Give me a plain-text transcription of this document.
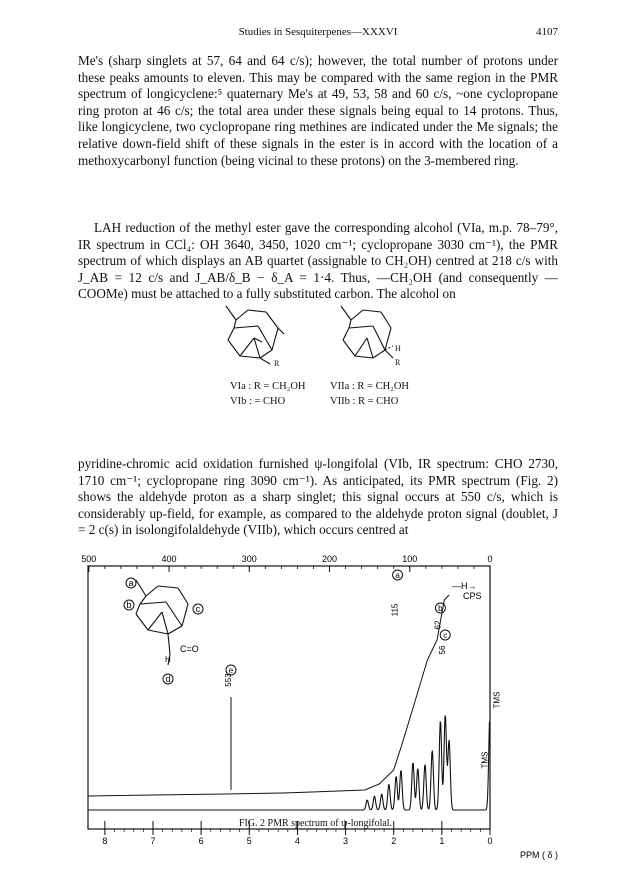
Studies in Sesquiterpenes—XXXVI	4107

Me's (sharp singlets at 57, 64 and 64 c/s); however, the total number of protons under these peaks amounts to eleven. This may be compared with the same region in the PMR spectrum of longicyclene:⁵ quaternary Me's at 49, 53, 58 and 60 c/s, ~one cyclopropane ring proton at 46 c/s; the total area under these signals being equal to 14 protons. Thus, like longicyclene, two cyclopropane ring methines are indicated under the Me signals; the relative down-field shift of these signals in the ester is in accord with the location of a methoxycarbonyl function (being vicinal to these protons) on the 3-membered ring.

LAH reduction of the methyl ester gave the corresponding alcohol (VIa, m.p. 78–79°, IR spectrum in CCl₄: OH 3640, 3450, 1020 cm⁻¹; cyclopropane 3030 cm⁻¹), the PMR spectrum of which displays an AB quartet (assignable to CH₂OH) centred at 218 c/s with J_AB = 12 c/s and J_AB/δ_B − δ_A = 1·4. Thus, —CH₂OH (and consequently —COOMe) must be attached to a fully substituted carbon. The alcohol on

R
VIa : R = CH₂OH
VIb : = CHO
H
R
VIIa : R = CH₂OH
VIIb : R = CHO

pyridine-chromic acid oxidation furnished ψ-longifolal (VIb, IR spectrum: CHO 2730, 1710 cm⁻¹; cyclopropane ring 3090 cm⁻¹). As anticipated, its PMR spectrum (Fig. 2) shows the aldehyde proton as a sharp singlet; this signal occurs at 550 c/s, which is considerably up-field, for example, as compared to the aldehyde proton signal (doublet, J = 2 c(s) in isolongifolaldehyde (VIIb), which occurs centred at

500	400	300	200	100	0
8	7	6	5	4	3	2	1	0
553
e
115
a
62
b
56
c
TMS
TMS
a
b	c
d
C=O
H
—H→
CPS
PPM ( δ )
FIG. 2 PMR spectrum of ψ-longifolal.
